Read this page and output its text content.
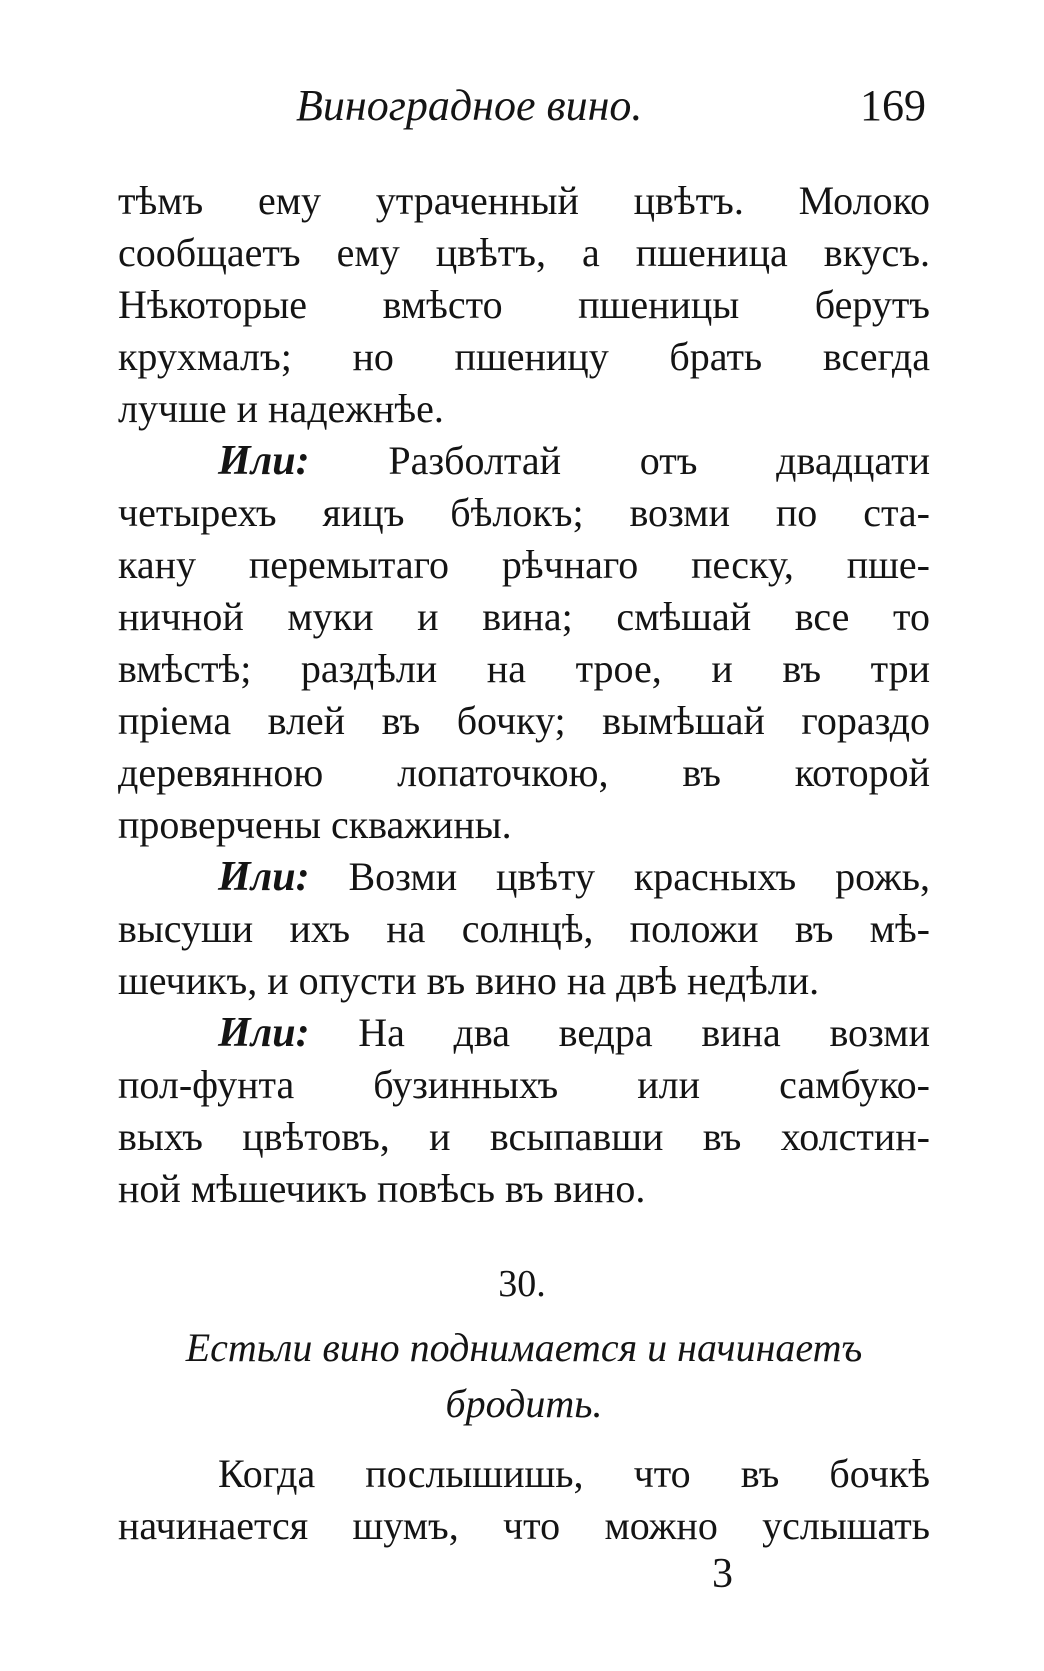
Виноградное вино.	169
тѣмъ ему утраченный цвѣтъ. Молоко
сообщаетъ ему цвѣтъ, а пшеница вкусъ.
Нѣкоторые вмѣсто пшеницы берутъ
крухмалъ; но пшеницу брать всегда
лучше и надежнѣе.
Или: Разболтай отъ двадцати
четырехъ яицъ бѣлокъ; возми по ста-
кану перемытаго рѣчнаго песку, пше-
ничной муки и вина; смѣшай все то
вмѣстѣ; раздѣли на трое, и въ три
пріема влей въ бочку; вымѣшай гораздо
деревянною лопаточкою, въ которой
проверчены скважины.
Или: Возми цвѣту красныхъ рожь,
высуши ихъ на солнцѣ, положи въ мѣ-
шечикъ, и опусти въ вино на двѣ недѣли.
Или: На два ведра вина возми
пол-фунта бузинныхъ или самбуко-
выхъ цвѣтовъ, и всыпавши въ холстин-
ной мѣшечикъ повѣсь въ вино.
30.
Естьли вино поднимается и начинаетъ
бродить.
Когда послышишь, что въ бочкѣ
начинается шумъ, что можно услышать
3
